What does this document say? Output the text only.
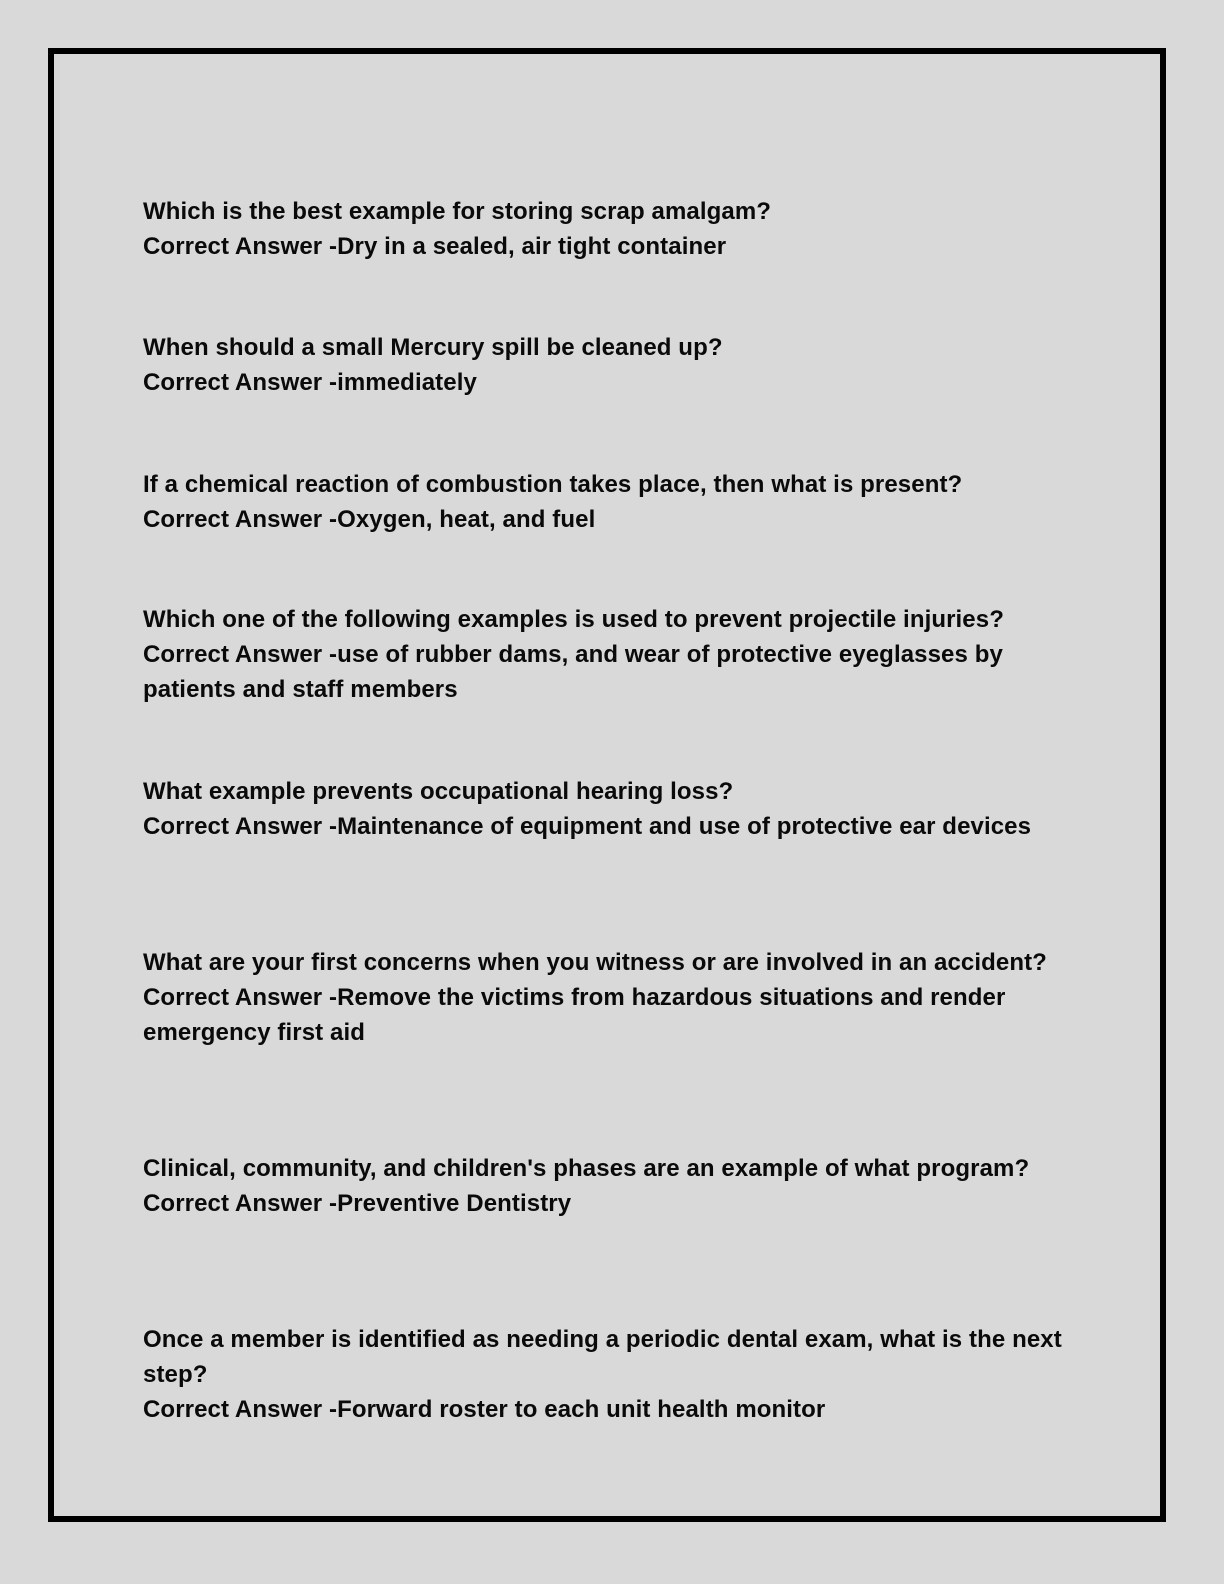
Which is the best example for storing scrap amalgam?

Correct Answer -Dry in a sealed, air tight container

When should a small Mercury spill be cleaned up?

Correct Answer -immediately

If a chemical reaction of combustion takes place, then what is present?

Correct Answer -Oxygen, heat, and fuel

Which one of the following examples is used to prevent projectile injuries?

Correct Answer -use of rubber dams, and wear of protective eyeglasses by patients and staff members

What example prevents occupational hearing loss?

Correct Answer -Maintenance of equipment and use of protective ear devices

What are your first concerns when you witness or are involved in an accident?

Correct Answer -Remove the victims from hazardous situations and render emergency first aid

Clinical, community, and children's phases are an example of what program?

Correct Answer -Preventive Dentistry

Once a member is identified as needing a periodic dental exam, what is the next step?

Correct Answer -Forward roster to each unit health monitor
